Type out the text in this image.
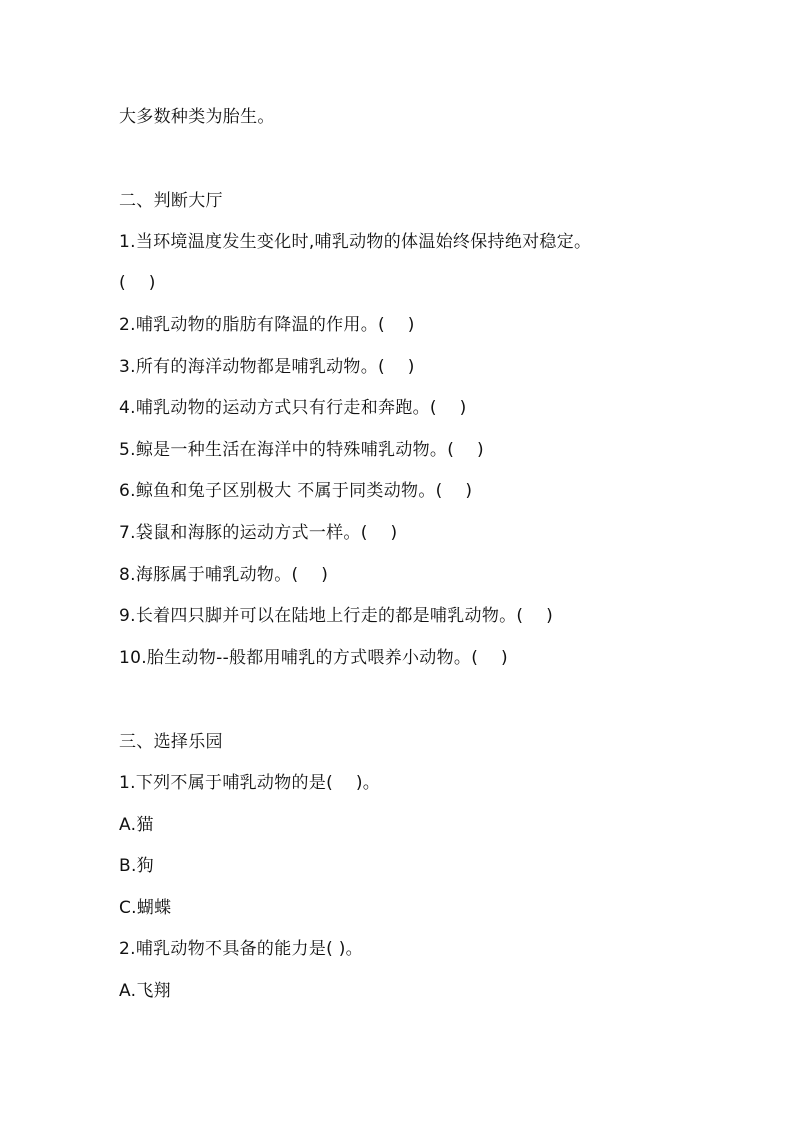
大多数种类为胎生。
二、判断大厅
1.当环境温度发生变化时,哺乳动物的体温始终保持绝对稳定。
(    )
2.哺乳动物的脂肪有降温的作用。(    )
3.所有的海洋动物都是哺乳动物。(    )
4.哺乳动物的运动方式只有行走和奔跑。(    )
5.鲸是一种生活在海洋中的特殊哺乳动物。(    )
6.鲸鱼和兔子区别极大 不属于同类动物。(    )
7.袋鼠和海豚的运动方式一样。(    )
8.海豚属于哺乳动物。(    )
9.长着四只脚并可以在陆地上行走的都是哺乳动物。(    )
10.胎生动物--般都用哺乳的方式喂养小动物。(    )
三、选择乐园
1.下列不属于哺乳动物的是(    )。
A.猫
B.狗
C.蝴蝶
2.哺乳动物不具备的能力是( )。
A.飞翔
